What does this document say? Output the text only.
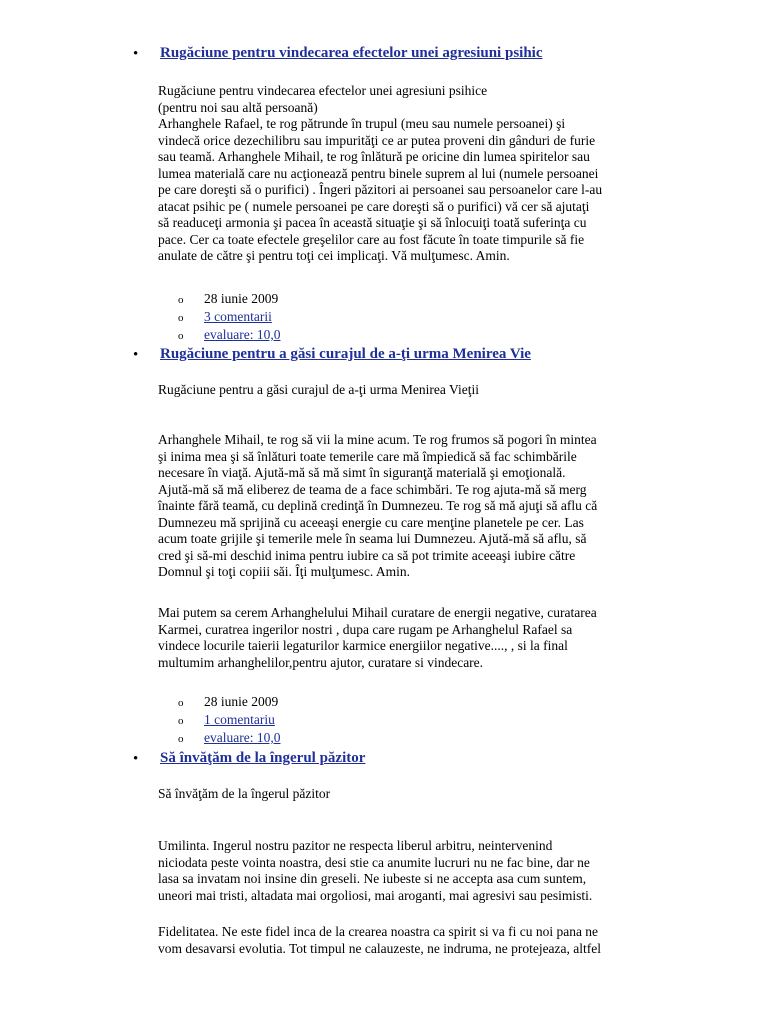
• Rugăciune pentru vindecarea efectelor unei agresiuni psihic
Rugăciune pentru vindecarea efectelor unei agresiuni psihice
(pentru noi sau altă persoană)
Arhanghele Rafael, te rog pătrunde în trupul (meu sau numele persoanei) şi
vindecă orice dezechilibru sau impurităţi ce ar putea proveni din gânduri de furie
sau teamă. Arhanghele Mihail, te rog înlătură pe oricine din lumea spiritelor sau
lumea materială care nu acţionează pentru binele suprem al lui (numele persoanei
pe care doreşti să o purifici) . Îngeri păzitori ai persoanei sau persoanelor care l-au
atacat psihic pe ( numele persoanei pe care doreşti să o purifici) vă cer să ajutaţi
să readuceţi armonia şi pacea în această situaţie şi să înlocuiţi toată suferinţa cu
pace. Cer ca toate efectele greşelilor care au fost făcute în toate timpurile să fie
anulate de către şi pentru toţi cei implicaţi. Vă mulţumesc. Amin.
o 28 iunie 2009
o 3 comentarii
o evaluare: 10,0
• Rugăciune pentru a găsi curajul de a-ţi urma Menirea Vie
Rugăciune pentru a găsi curajul de a-ţi urma Menirea Vieţii
Arhanghele Mihail, te rog să vii la mine acum. Te rog frumos să pogori în mintea
şi inima mea şi să înlături toate temerile care mă împiedică să fac schimbările
necesare în viaţă. Ajută-mă să mă simt în siguranţă materială şi emoţională.
Ajută-mă să mă eliberez de teama de a face schimbări. Te rog ajuta-mă să merg
înainte fără teamă, cu deplină credinţă în Dumnezeu. Te rog să mă ajuţi să aflu că
Dumnezeu mă sprijină cu aceeaşi energie cu care menţine planetele pe cer. Las
acum toate grijile şi temerile mele în seama lui Dumnezeu. Ajută-mă să aflu, să
cred şi să-mi deschid inima pentru iubire ca să pot trimite aceeaşi iubire către
Domnul şi toţi copiii săi. Îţi mulţumesc. Amin.
Mai putem sa cerem Arhanghelului Mihail curatare de energii negative, curatarea
Karmei, curatrea ingerilor nostri , dupa care rugam pe Arhanghelul Rafael sa
vindece locurile taierii legaturilor karmice energiilor negative...., , si la final
multumim arhanghelilor,pentru ajutor, curatare si vindecare.
o 28 iunie 2009
o 1 comentariu
o evaluare: 10,0
• Să învăţăm de la îngerul păzitor
Să învăţăm de la îngerul păzitor
Umilinta. Ingerul nostru pazitor ne respecta liberul arbitru, neintervenind
niciodata peste vointa noastra, desi stie ca anumite lucruri nu ne fac bine, dar ne
lasa sa invatam noi insine din greseli. Ne iubeste si ne accepta asa cum suntem,
uneori mai tristi, altadata mai orgoliosi, mai aroganti, mai agresivi sau pesimisti.
Fidelitatea. Ne este fidel inca de la crearea noastra ca spirit si va fi cu noi pana ne
vom desavarsi evolutia. Tot timpul ne calauzeste, ne indruma, ne protejeaza, altfel
